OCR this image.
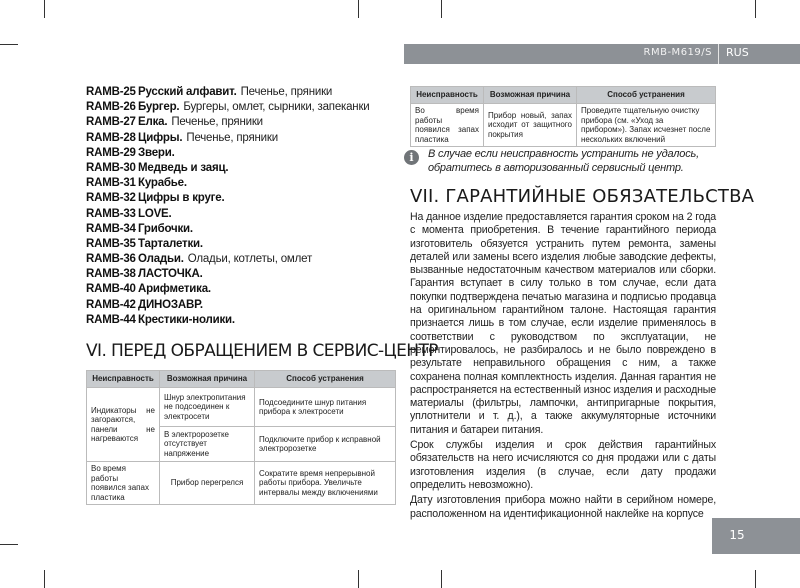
RMB-M619/S RUS
RAMB-25 Русский алфавит. Печенье, пряники
RAMB-26 Бургер. Бургеры, омлет, сырники, запеканки
RAMB-27 Елка. Печенье, пряники
RAMB-28 Цифры. Печенье, пряники
RAMB-29 Звери.
RAMB-30 Медведь и заяц.
RAMB-31 Курабье.
RAMB-32 Цифры в круге.
RAMB-33 LOVE.
RAMB-34 Грибочки.
RAMB-35 Тарталетки.
RAMB-36 Оладьи. Оладьи, котлеты, омлет
RAMB-38 ЛАСТОЧКА.
RAMB-40 Арифметика.
RAMB-42 ДИНОЗАВР.
RAMB-44 Крестики-нолики.
VI. ПЕРЕД ОБРАЩЕНИЕМ В СЕРВИС-ЦЕНТР
Неисправность	Возможная причина	Способ устранения
Индикаторы не загораются, панели не нагреваются	Шнур электропитания не подсоединен к электросети	Подсоедините шнур питания прибора к электросети
	В электророзетке отсутствует напряжение	Подключите прибор к исправной электророзетке
Во время работы появился запах пластика	Прибор перегрелся	Сократите время непрерывной работы прибора. Увеличьте интервалы между включениями
Неисправность	Возможная причина	Способ устранения
Во время работы появился запах пластика	Прибор новый, запах исходит от защитного покрытия	Проведите тщательную очистку прибора (см. «Уход за прибором»). Запах исчезнет после нескольких включений
i	В случае если неисправность устранить не удалось, обратитесь в авторизованный сервисный центр.
VII. ГАРАНТИЙНЫЕ ОБЯЗАТЕЛЬСТВА

На данное изделие предоставляется гарантия сроком на 2 года с момента приобретения. В течение гарантийного периода изготовитель обязуется устранить путем ремонта, замены деталей или замены всего изделия любые заводские дефекты, вызванные недостаточным качеством материалов или сборки. Гарантия вступает в силу только в том случае, если дата покупки подтверждена печатью магазина и подписью продавца на оригинальном гарантийном талоне. Настоящая гарантия признается лишь в том случае, если изделие применялось в соответствии с руководством по эксплуатации, не ремонтировалось, не разбиралось и не было повреждено в результате неправильного обращения с ним, а также сохранена полная комплектность изделия. Данная гарантия не распространяется на естественный износ изделия и расходные материалы (фильтры, лампочки, антипригарные покрытия, уплотнители и т. д.), а также аккумуляторные источники питания и батареи питания.

Срок службы изделия и срок действия гарантийных обязательств на него исчисляются со дня продажи или с даты изготовления изделия (в случае, если дату продажи определить невозможно).

Дату изготовления прибора можно найти в серийном номере, расположенном на идентификационной наклейке на корпусе

15
